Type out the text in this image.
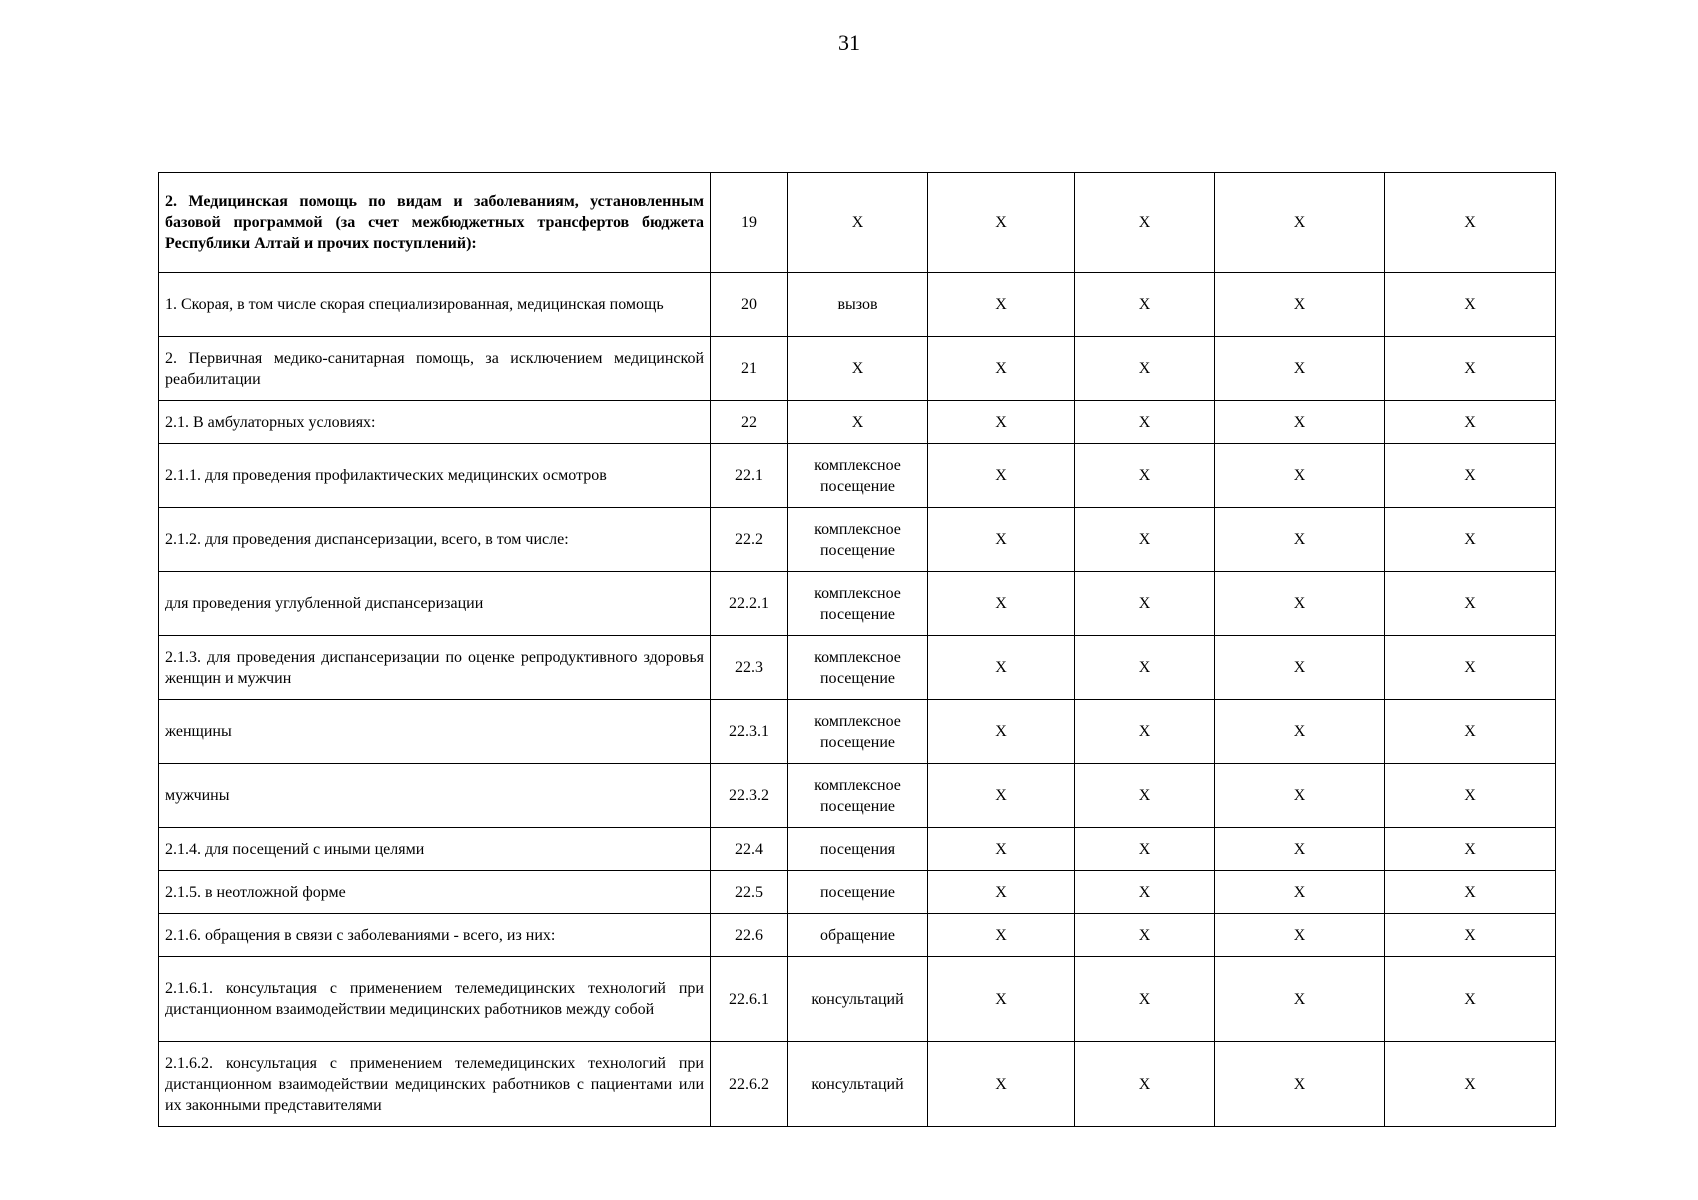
31
2. Медицинская помощь по видам и заболеваниям, установленным базовой программой (за счет межбюджетных трансфертов бюджета Республики Алтай и прочих поступлений):	19	X	X	X	X	X
1. Скорая, в том числе скорая специализированная, медицинская помощь	20	вызов	X	X	X	X
2. Первичная медико-санитарная помощь, за исключением медицинской реабилитации	21	X	X	X	X	X
2.1. В амбулаторных условиях:	22	X	X	X	X	X
2.1.1. для проведения профилактических медицинских осмотров	22.1	комплексное посещение	X	X	X	X
2.1.2. для проведения диспансеризации, всего, в том числе:	22.2	комплексное посещение	X	X	X	X
для проведения углубленной диспансеризации	22.2.1	комплексное посещение	X	X	X	X
2.1.3. для проведения диспансеризации по оценке репродуктивного здоровья женщин и мужчин	22.3	комплексное посещение	X	X	X	X
женщины	22.3.1	комплексное посещение	X	X	X	X
мужчины	22.3.2	комплексное посещение	X	X	X	X
2.1.4. для посещений с иными целями	22.4	посещения	X	X	X	X
2.1.5. в неотложной форме	22.5	посещение	X	X	X	X
2.1.6. обращения в связи с заболеваниями - всего, из них:	22.6	обращение	X	X	X	X
2.1.6.1. консультация с применением телемедицинских технологий при дистанционном взаимодействии медицинских работников между собой	22.6.1	консультаций	X	X	X	X
2.1.6.2. консультация с применением телемедицинских технологий при дистанционном взаимодействии медицинских работников с пациентами или их законными представителями	22.6.2	консультаций	X	X	X	X
